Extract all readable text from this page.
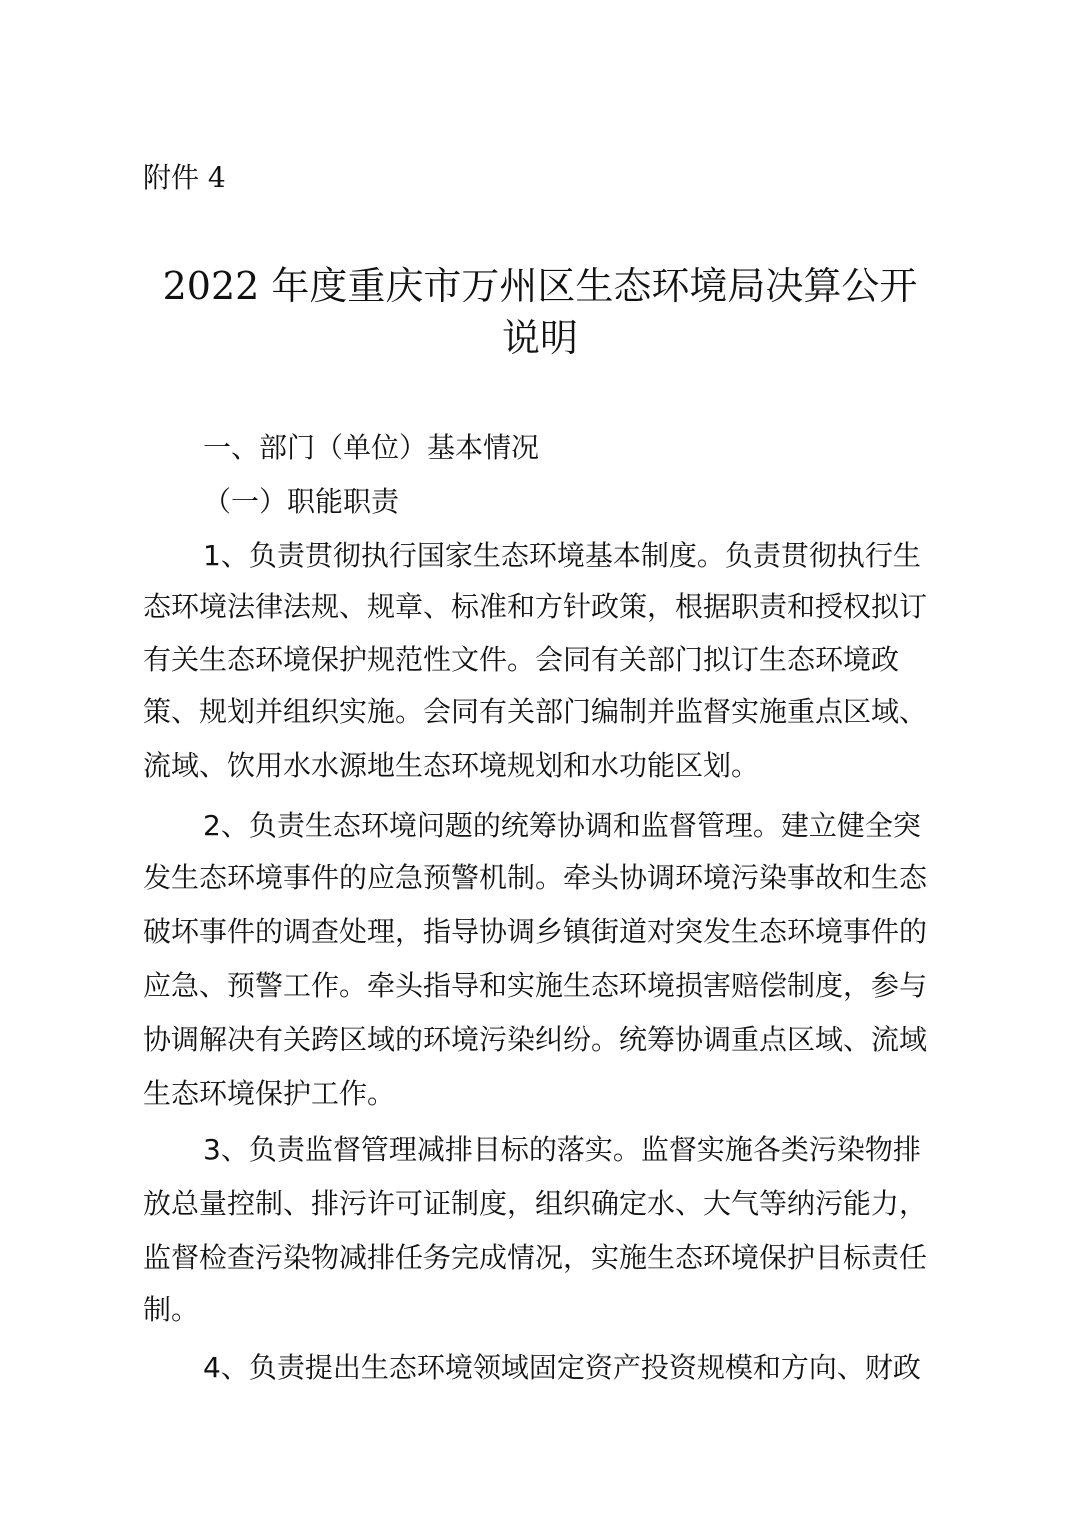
附件 4
2022 年度重庆市万州区生态环境局决算公开
说明
一、部门（单位）基本情况
（一）职能职责
1、负责贯彻执行国家生态环境基本制度。负责贯彻执行生
态环境法律法规、规章、标准和方针政策，根据职责和授权拟订
有关生态环境保护规范性文件。会同有关部门拟订生态环境政
策、规划并组织实施。会同有关部门编制并监督实施重点区域、
流域、饮用水水源地生态环境规划和水功能区划。
2、负责生态环境问题的统筹协调和监督管理。建立健全突
发生态环境事件的应急预警机制。牵头协调环境污染事故和生态
破坏事件的调查处理，指导协调乡镇街道对突发生态环境事件的
应急、预警工作。牵头指导和实施生态环境损害赔偿制度，参与
协调解决有关跨区域的环境污染纠纷。统筹协调重点区域、流域
生态环境保护工作。
3、负责监督管理减排目标的落实。监督实施各类污染物排
放总量控制、排污许可证制度，组织确定水、大气等纳污能力，
监督检查污染物减排任务完成情况，实施生态环境保护目标责任
制。
4、负责提出生态环境领域固定资产投资规模和方向、财政
